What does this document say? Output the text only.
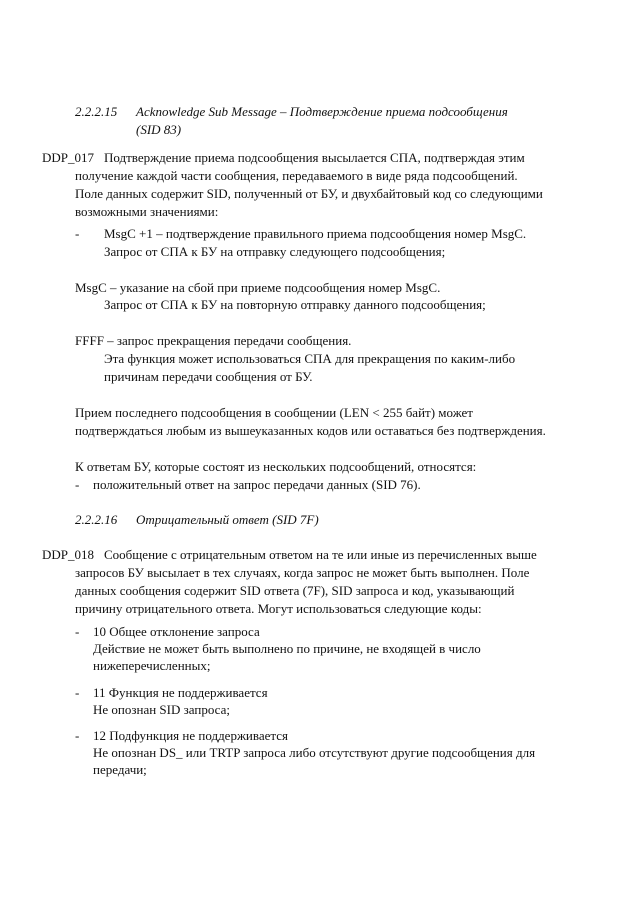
2.2.2.15 Acknowledge Sub Message – Подтверждение приема подсообщения
(SID 83)
DDP_017 Подтверждение приема подсообщения высылается СПА, подтверждая этим
получение каждой части сообщения, передаваемого в виде ряда подсообщений.
Поле данных содержит SID, полученный от БУ, и двухбайтовый код со следующими
возможными значениями:
- MsgC +1 – подтверждение правильного приема подсообщения номер MsgC.
Запрос от СПА к БУ на отправку следующего подсообщения;
MsgC – указание на сбой при приеме подсообщения номер MsgC.
Запрос от СПА к БУ на повторную отправку данного подсообщения;
FFFF – запрос прекращения передачи сообщения.
Эта функция может использоваться СПА для прекращения по каким-либо
причинам передачи сообщения от БУ.
Прием последнего подсообщения в сообщении (LEN < 255 байт) может
подтверждаться любым из вышеуказанных кодов или оставаться без подтверждения.
К ответам БУ, которые состоят из нескольких подсообщений, относятся:
- положительный ответ на запрос передачи данных (SID 76).
2.2.2.16 Отрицательный ответ (SID 7F)
DDP_018 Сообщение с отрицательным ответом на те или иные из перечисленных выше
запросов БУ высылает в тех случаях, когда запрос не может быть выполнен. Поле
данных сообщения содержит SID ответа (7F), SID запроса и код, указывающий
причину отрицательного ответа. Могут использоваться следующие коды:
- 10 Общее отклонение запроса
Действие не может быть выполнено по причине, не входящей в число
нижеперечисленных;
- 11 Функция не поддерживается
Не опознан SID запроса;
- 12 Подфункция не поддерживается
Не опознан DS_ или TRTP запроса либо отсутствуют другие подсообщения для
передачи;
